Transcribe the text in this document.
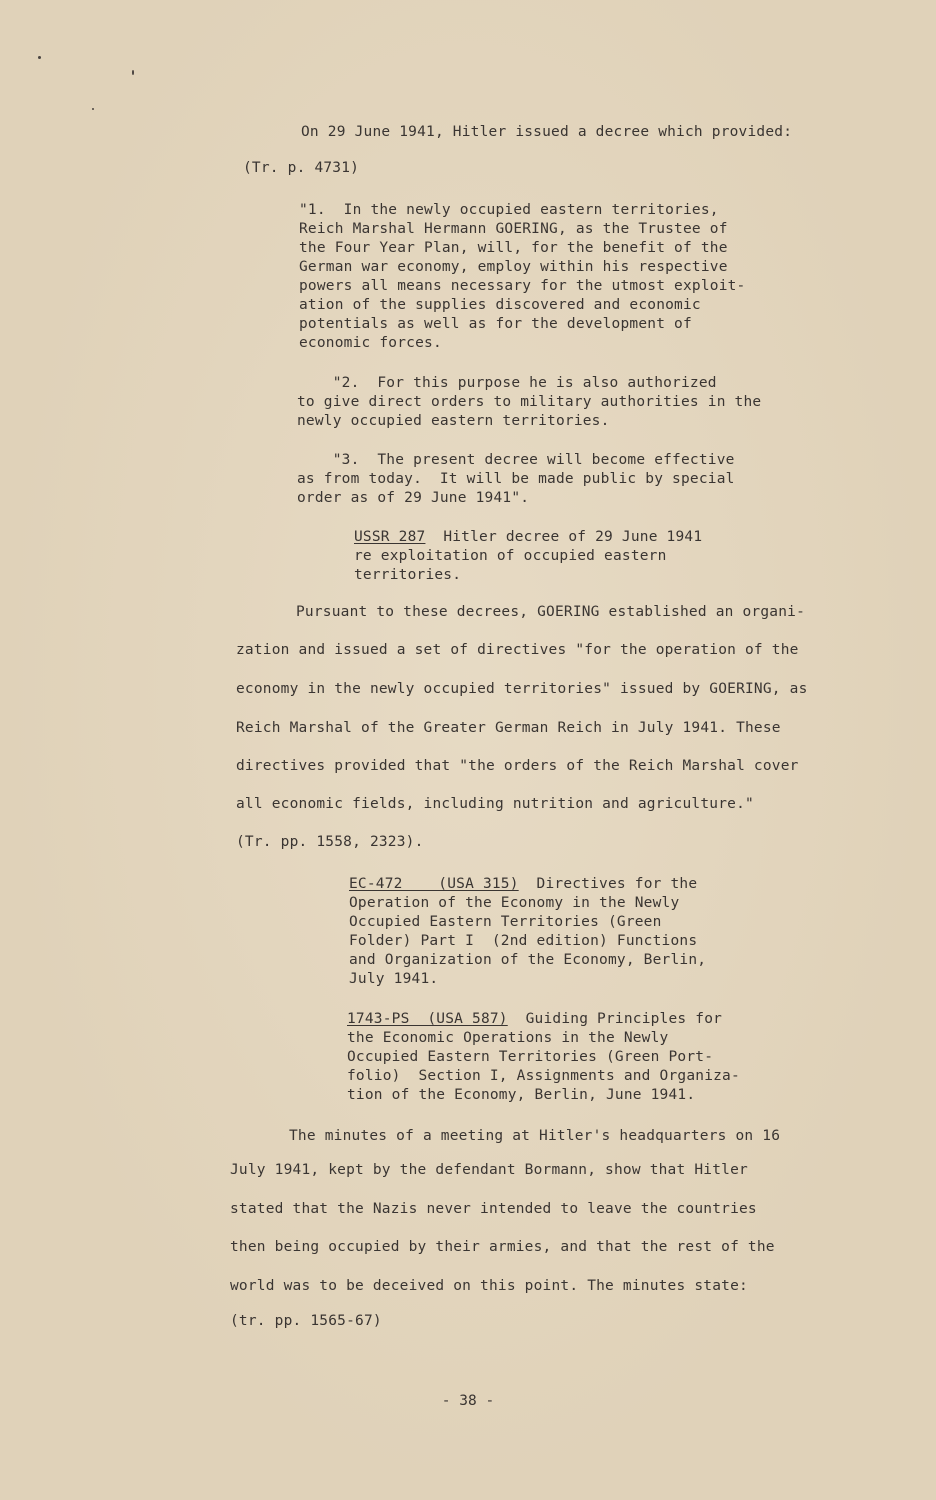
On 29 June 1941, Hitler issued a decree which provided:
(Tr. p. 4731)
"1.  In the newly occupied eastern territories,
Reich Marshal Hermann GOERING, as the Trustee of
the Four Year Plan, will, for the benefit of the
German war economy, employ within his respective
powers all means necessary for the utmost exploit-
ation of the supplies discovered and economic
potentials as well as for the development of
economic forces.
"2.  For this purpose he is also authorized
to give direct orders to military authorities in the
newly occupied eastern territories.
"3.  The present decree will become effective
as from today.  It will be made public by special
order as of 29 June 1941".
USSR 287  Hitler decree of 29 June 1941
re exploitation of occupied eastern
territories.
Pursuant to these decrees, GOERING established an organi-
zation and issued a set of directives "for the operation of the
economy in the newly occupied territories" issued by GOERING, as
Reich Marshal of the Greater German Reich in July 1941. These
directives provided that "the orders of the Reich Marshal cover
all economic fields, including nutrition and agriculture."
(Tr. pp. 1558, 2323).
EC-472    (USA 315)  Directives for the
Operation of the Economy in the Newly
Occupied Eastern Territories (Green
Folder) Part I  (2nd edition) Functions
and Organization of the Economy, Berlin,
July 1941.
1743-PS  (USA 587)  Guiding Principles for
the Economic Operations in the Newly
Occupied Eastern Territories (Green Port-
folio)  Section I, Assignments and Organiza-
tion of the Economy, Berlin, June 1941.
The minutes of a meeting at Hitler's headquarters on 16
July 1941, kept by the defendant Bormann, show that Hitler
stated that the Nazis never intended to leave the countries
then being occupied by their armies, and that the rest of the
world was to be deceived on this point. The minutes state:
(tr. pp. 1565-67)
- 38 -
